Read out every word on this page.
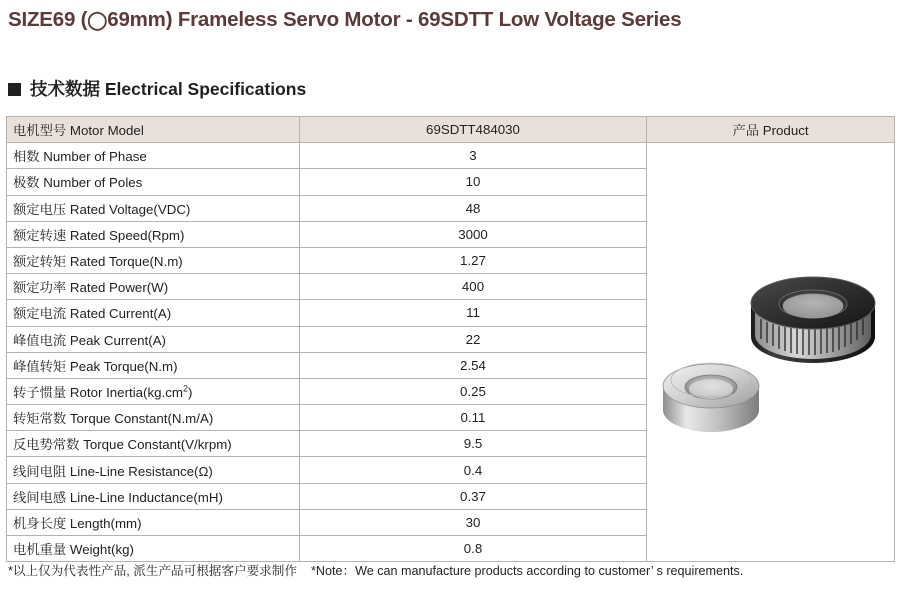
SIZE69 (◯69mm) Frameless Servo Motor - 69SDTT Low Voltage Series
技术数据 Electrical Specifications
电机型号 Motor Model	69SDTT484030	产品 Product
相数 Number of Phase	3	

极数 Number of Poles	10	
额定电压 Rated Voltage(VDC)	48	
额定转速 Rated Speed(Rpm)	3000	
额定转矩 Rated Torque(N.m)	1.27	
额定功率 Rated Power(W)	400	
额定电流 Rated Current(A)	11	
峰值电流 Peak Current(A)	22	
峰值转矩 Peak Torque(N.m)	2.54	
转子惯量 Rotor $Inertia(kg.cm^2)$	0.25	
转矩常数 Torque Constant(N.m/A)	0.11	
反电势常数 Torque Constant(V/krpm)	9.5	
线间电阻 Line-Line Resistance(Ω)	0.4	
线间电感 Line-Line Inductance(mH)	0.37	
机身长度 Length(mm)	30	
电机重量 Weight(kg)	0.8	
*以上仅为代表性产品, 派生产品可根据客户要求制作 *Note：We can manufacture products according to customer’ s requirements.
